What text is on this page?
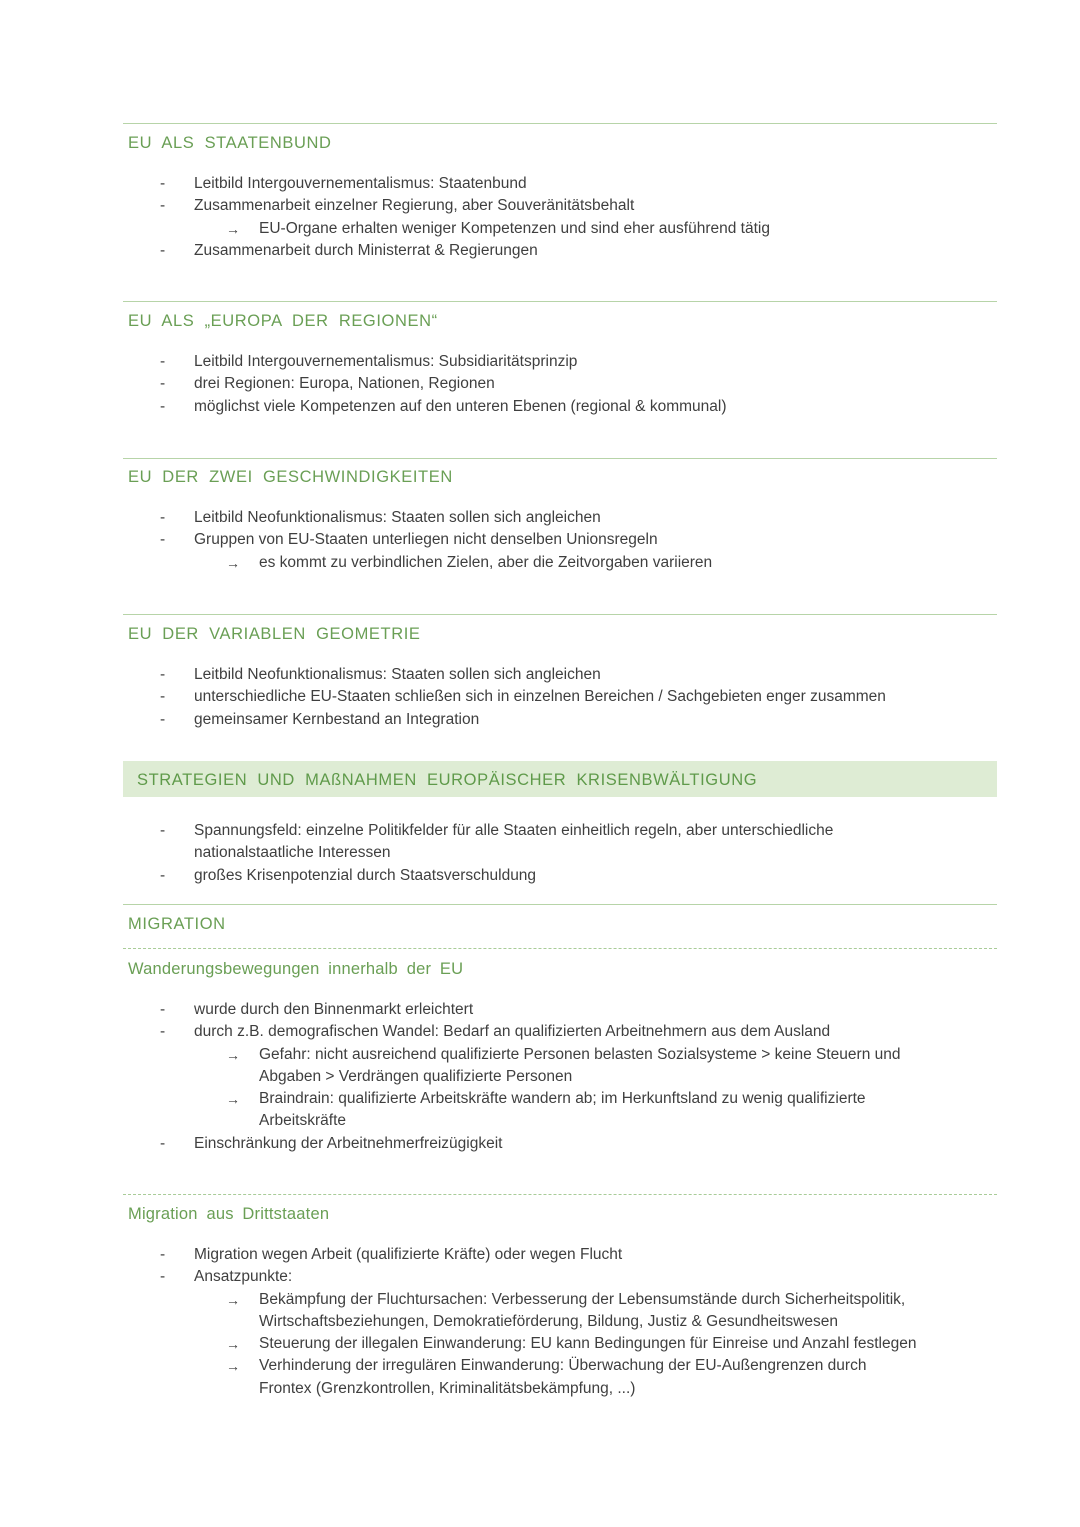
EU ALS STAATENBUND
- Leitbild Intergouvernementalismus: Staatenbund
- Zusammenarbeit einzelner Regierung, aber Souveränitätsbehalt
→ EU-Organe erhalten weniger Kompetenzen und sind eher ausführend tätig
- Zusammenarbeit durch Ministerrat & Regierungen
EU ALS „EUROPA DER REGIONEN“
- Leitbild Intergouvernementalismus: Subsidiaritätsprinzip
- drei Regionen: Europa, Nationen, Regionen
- möglichst viele Kompetenzen auf den unteren Ebenen (regional & kommunal)
EU DER ZWEI GESCHWINDIGKEITEN
- Leitbild Neofunktionalismus: Staaten sollen sich angleichen
- Gruppen von EU-Staaten unterliegen nicht denselben Unionsregeln
→ es kommt zu verbindlichen Zielen, aber die Zeitvorgaben variieren
EU DER VARIABLEN GEOMETRIE
- Leitbild Neofunktionalismus: Staaten sollen sich angleichen
- unterschiedliche EU-Staaten schließen sich in einzelnen Bereichen / Sachgebieten enger zusammen
- gemeinsamer Kernbestand an Integration
STRATEGIEN UND MAßNAHMEN EUROPÄISCHER KRISENBWÄLTIGUNG
- Spannungsfeld: einzelne Politikfelder für alle Staaten einheitlich regeln, aber unterschiedliche
nationalstaatliche Interessen
- großes Krisenpotenzial durch Staatsverschuldung
MIGRATION
Wanderungsbewegungen innerhalb der EU
- wurde durch den Binnenmarkt erleichtert
- durch z.B. demografischen Wandel: Bedarf an qualifizierten Arbeitnehmern aus dem Ausland
→ Gefahr: nicht ausreichend qualifizierte Personen belasten Sozialsysteme > keine Steuern und
Abgaben > Verdrängen qualifizierte Personen
→ Braindrain: qualifizierte Arbeitskräfte wandern ab; im Herkunftsland zu wenig qualifizierte
Arbeitskräfte
- Einschränkung der Arbeitnehmerfreizügigkeit
Migration aus Drittstaaten
- Migration wegen Arbeit (qualifizierte Kräfte) oder wegen Flucht
- Ansatzpunkte:
→ Bekämpfung der Fluchtursachen: Verbesserung der Lebensumstände durch Sicherheitspolitik,
Wirtschaftsbeziehungen, Demokratieförderung, Bildung, Justiz & Gesundheitswesen
→ Steuerung der illegalen Einwanderung: EU kann Bedingungen für Einreise und Anzahl festlegen
→ Verhinderung der irregulären Einwanderung: Überwachung der EU-Außengrenzen durch
Frontex (Grenzkontrollen, Kriminalitätsbekämpfung, ...)
